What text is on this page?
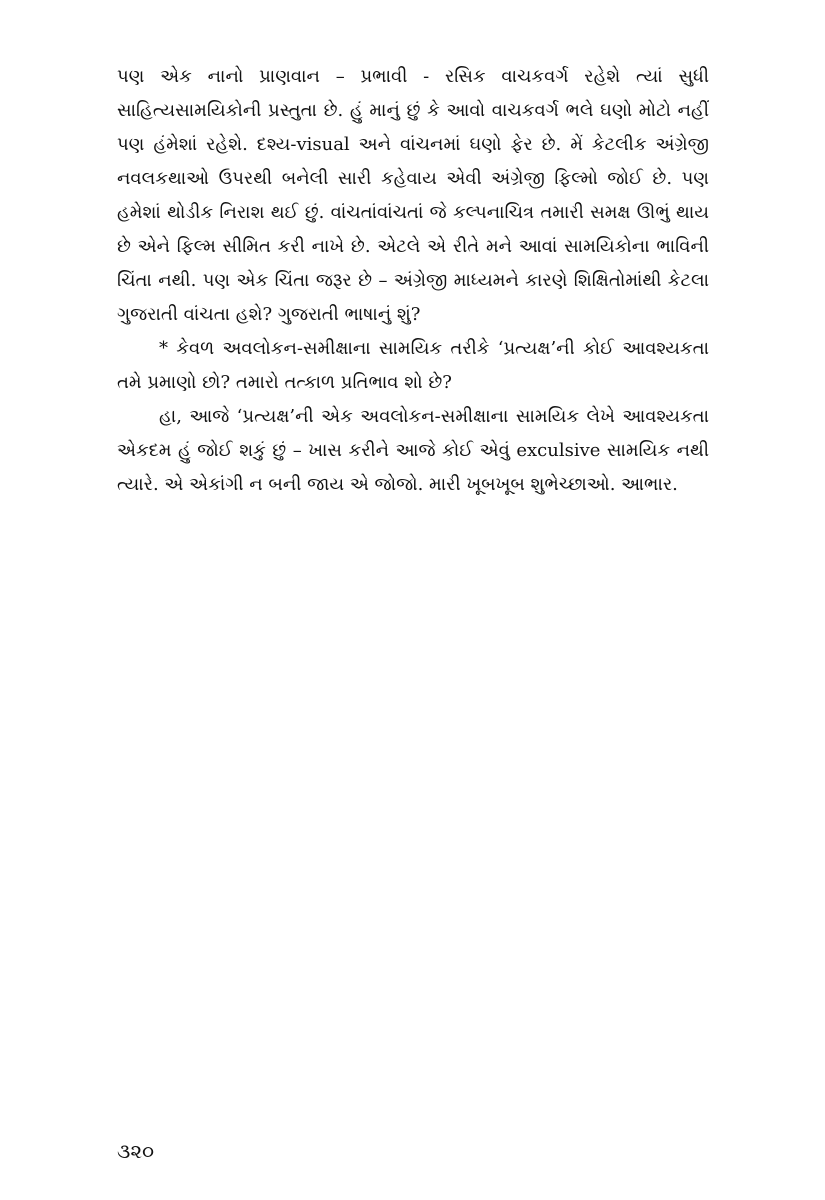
પણ એક નાનો પ્રાણવાન – પ્રભાવી - રસિક વાચકવર્ગ રહેશે ત્યાં સુધી સાહિત્યસામયિકોની પ્રસ્તુતા છે. હું માનું છું કે આવો વાચકવર્ગ ભલે ઘણો મોટો નહીં પણ હંમેશાં રહેશે. દશ્ય-visual અને વાંચનમાં ઘણો ફેર છે. મેં કેટલીક અંગ્રેજી નવલકથાઓ ઉપરથી બનેલી સારી કહેવાય એવી અંગ્રેજી ફિલ્મો જોઈ છે. પણ હમેશાં થોડીક નિરાશ થઈ છું. વાંચતાંવાંચતાં જે કલ્પનાચિત્ર તમારી સમક્ષ ઊભું થાય છે એને ફિલ્મ સીમિત કરી નાખે છે. એટલે એ રીતે મને આવાં સામયિકોના ભાવિની ચિંતા નથી. પણ એક ચિંતા જરૂર છે – અંગ્રેજી માધ્યમને કારણે શિક્ષિતોમાંથી કેટલા ગુજરાતી વાંચતા હશે? ગુજરાતી ભાષાનું શું?

* કેવળ અવલોકન-સમીક્ષાના સામયિક તરીકે ‘પ્રત્યક્ષ’ની કોઈ આવશ્યકતા તમે પ્રમાણો છો? તમારો તત્કાળ પ્રતિભાવ શો છે?

હા, આજે ‘પ્રત્યક્ષ’ની એક અવલોકન-સમીક્ષાના સામયિક લેખે આવશ્યકતા એકદમ હું જોઈ શકું છું – ખાસ કરીને આજે કોઈ એવું exculsive સામયિક નથી ત્યારે. એ એકાંગી ન બની જાય એ જોજો. મારી ખૂબખૂબ શુભેચ્છાઓ. આભાર.

૩૨૦
